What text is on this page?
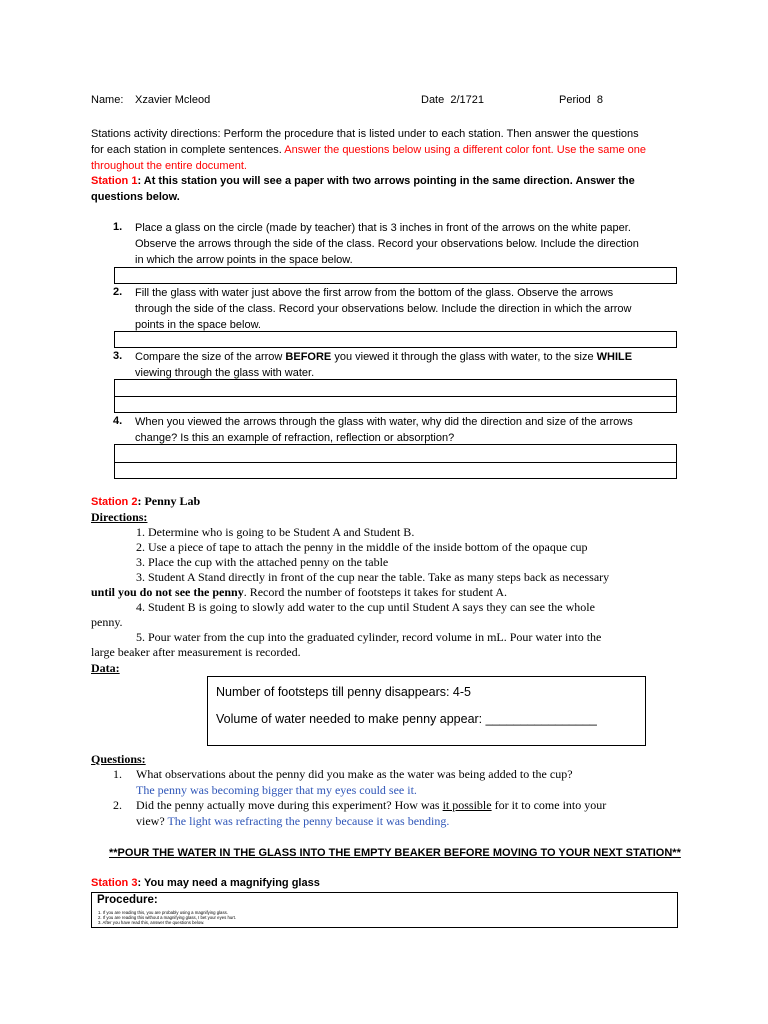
Name: Xzavier Mcleod	Date 2/1721	Period 8
Stations activity directions: Perform the procedure that is listed under to each station. Then answer the questions
for each station in complete sentences. Answer the questions below using a different color font. Use the same one
throughout the entire document.
Station 1: At this station you will see a paper with two arrows pointing in the same direction. Answer the
questions below.
1. Place a glass on the circle (made by teacher) that is 3 inches in front of the arrows on the white paper.
Observe the arrows through the side of the class. Record your observations below. Include the direction
in which the arrow points in the space below.
2. Fill the glass with water just above the first arrow from the bottom of the glass. Observe the arrows
through the side of the class. Record your observations below. Include the direction in which the arrow
points in the space below.
3. Compare the size of the arrow BEFORE you viewed it through the glass with water, to the size WHILE
viewing through the glass with water.
4. When you viewed the arrows through the glass with water, why did the direction and size of the arrows
change? Is this an example of refraction, reflection or absorption?
Station 2: Penny Lab
Directions:
1. Determine who is going to be Student A and Student B.
2. Use a piece of tape to attach the penny in the middle of the inside bottom of the opaque cup
3. Place the cup with the attached penny on the table
3. Student A Stand directly in front of the cup near the table. Take as many steps back as necessary
until you do not see the penny. Record the number of footsteps it takes for student A.
4. Student B is going to slowly add water to the cup until Student A says they can see the whole
penny.
5. Pour water from the cup into the graduated cylinder, record volume in mL. Pour water into the
large beaker after measurement is recorded.
Data:
Number of footsteps till penny disappears: 4-5
Volume of water needed to make penny appear: ________________
Questions:
1. What observations about the penny did you make as the water was being added to the cup?
The penny was becoming bigger that my eyes could see it.
2. Did the penny actually move during this experiment? How was it possible for it to come into your
view? The light was refracting the penny because it was bending.
**POUR THE WATER IN THE GLASS INTO THE EMPTY BEAKER BEFORE MOVING TO YOUR NEXT STATION**
Station 3: You may need a magnifying glass
Procedure:
1. If you are reading this, you are probably using a magnifying glass.
2. If you are reading this without a magnifying glass, I bet your eyes hurt.
3. After you have read this, answer the questions below.
